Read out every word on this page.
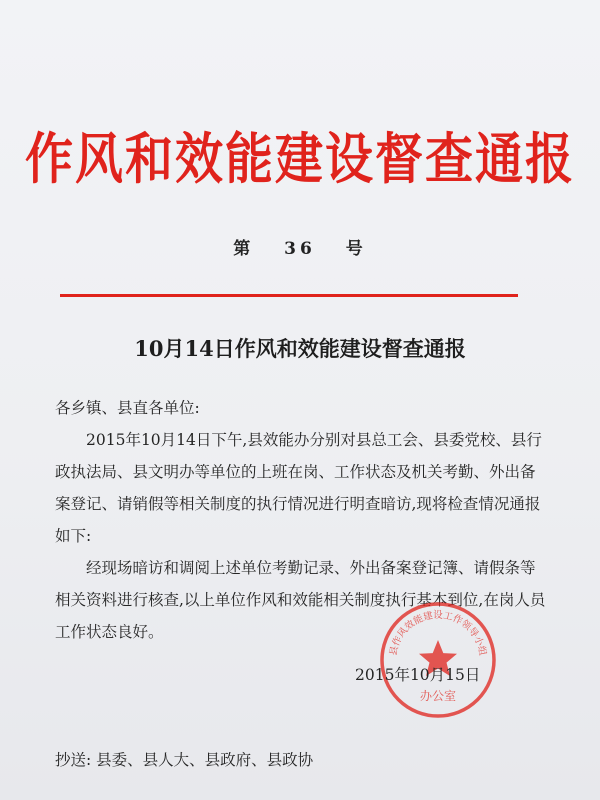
作风和效能建设督查通报
第 36 号
10月14日作风和效能建设督查通报

各乡镇、县直各单位:

2015年10月14日下午,县效能办分别对县总工会、县委党校、县行政执法局、县文明办等单位的上班在岗、工作状态及机关考勤、外出备案登记、请销假等相关制度的执行情况进行明查暗访,现将检查情况通报如下:

经现场暗访和调阅上述单位考勤记录、外出备案登记簿、请假条等相关资料进行核查,以上单位作风和效能相关制度执行基本到位,在岗人员工作状态良好。

县作风效能建设工作领导小组
办公室
2015年10月15日
抄送: 县委、县人大、县政府、县政协
